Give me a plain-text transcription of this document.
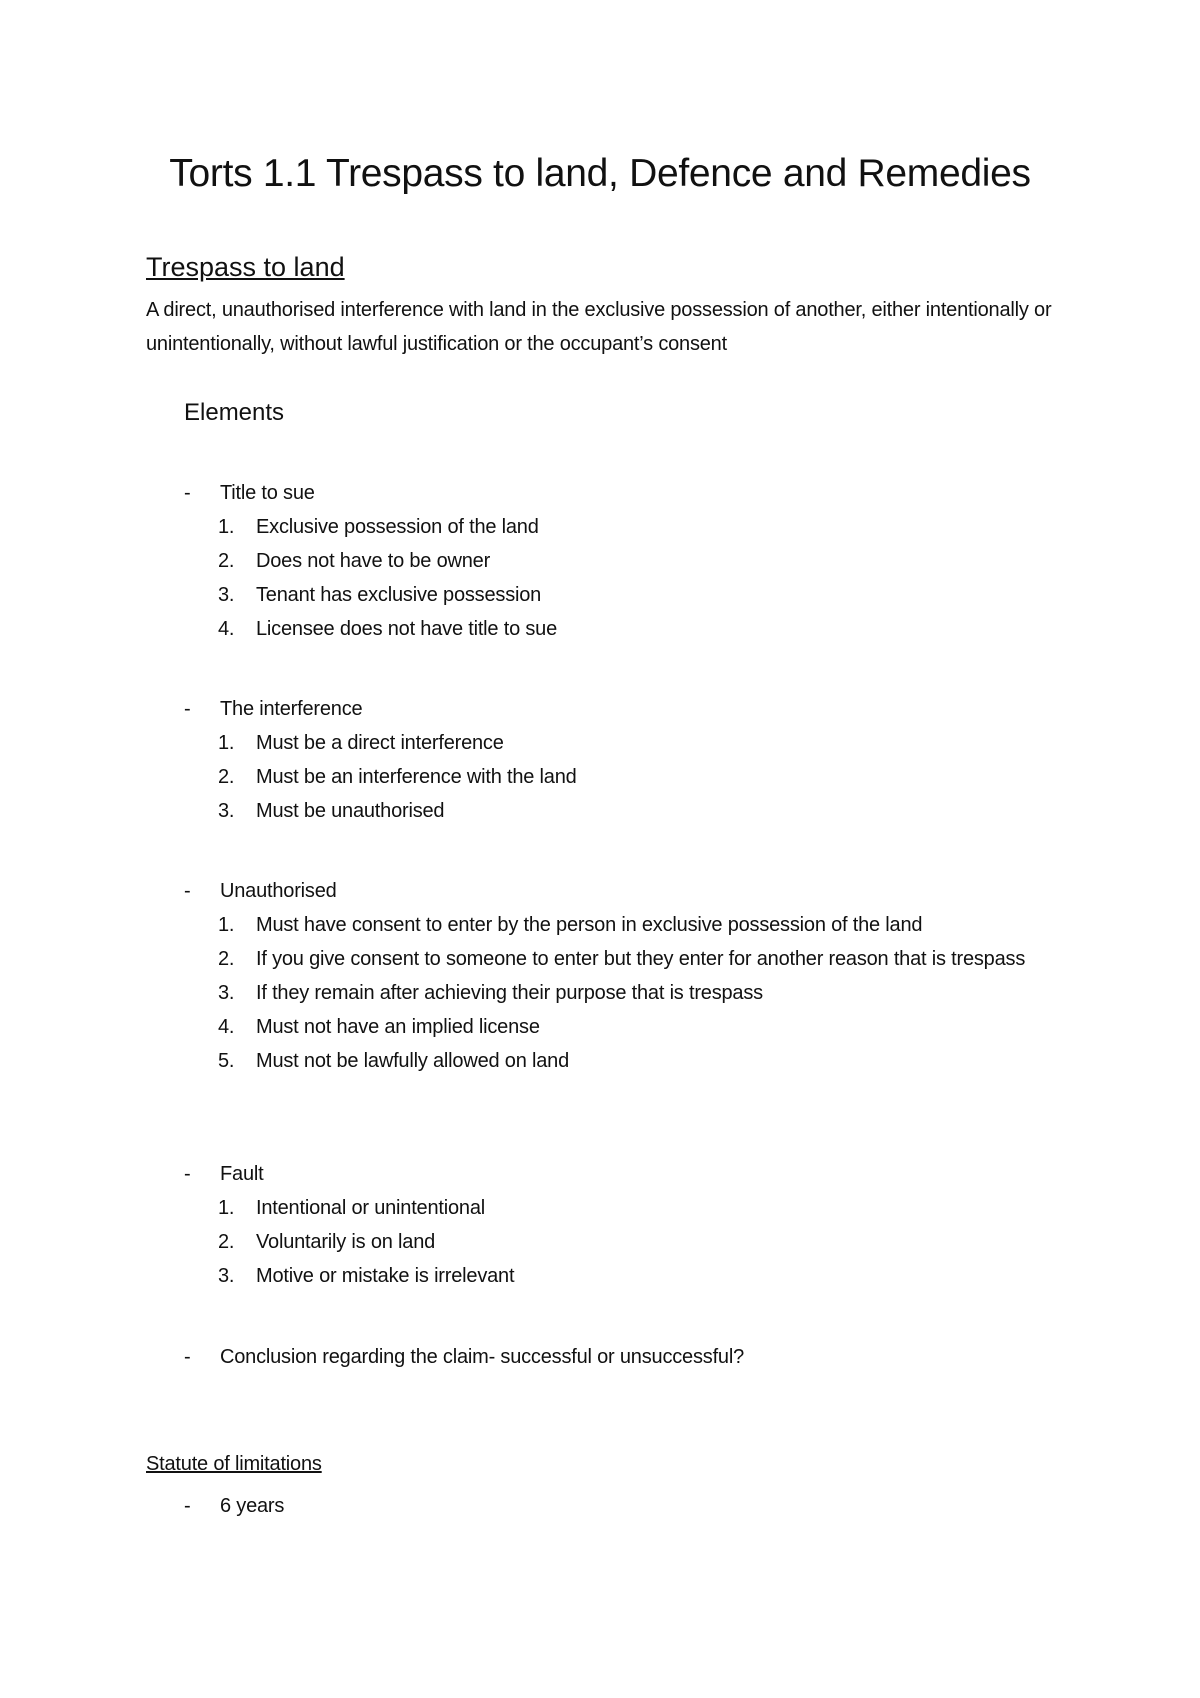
Torts 1.1 Trespass to land, Defence and Remedies
Trespass to land

A direct, unauthorised interference with land in the exclusive possession of another, either intentionally or unintentionally, without lawful justification or the occupant’s consent

Elements
-	Title to sue
1.	Exclusive possession of the land
2.	Does not have to be owner
3.	Tenant has exclusive possession
4.	Licensee does not have title to sue
-	The interference
1.	Must be a direct interference
2.	Must be an interference with the land
3.	Must be unauthorised
-	Unauthorised
1.	Must have consent to enter by the person in exclusive possession of the land
2.	If you give consent to someone to enter but they enter for another reason that is trespass
3.	If they remain after achieving their purpose that is trespass
4.	Must not have an implied license
5.	Must not be lawfully allowed on land
-	Fault
1.	Intentional or unintentional
2.	Voluntarily is on land
3.	Motive or mistake is irrelevant
-	Conclusion regarding the claim- successful or unsuccessful?

Statute of limitations

-	6 years
